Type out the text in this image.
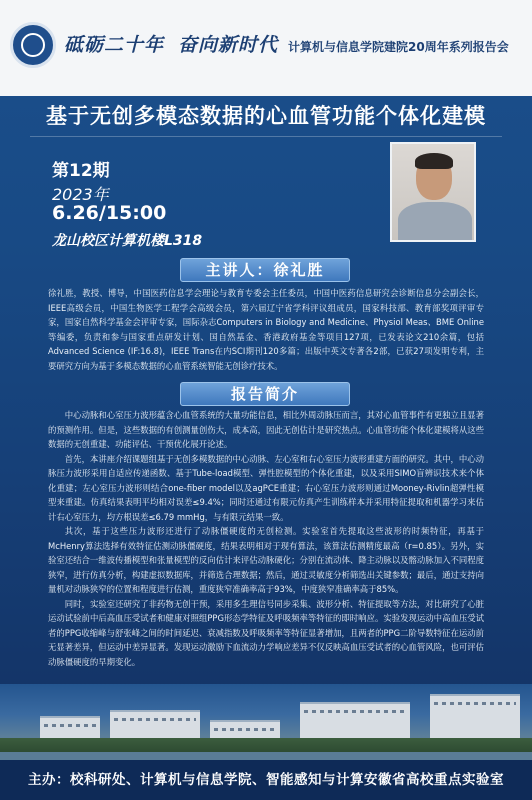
砥砺二十年 奋向新时代 计算机与信息学院建院20周年系列报告会
基于无创多模态数据的心血管功能个体化建模
第12期
2023年
6.26/15:00
龙山校区计算机楼L318
主讲人：徐礼胜
徐礼胜，教授、博导，中国医药信息学会理论与教育专委会主任委员，中国中医药信息研究会诊断信息分会副会长，IEEE高级会员，中国生物医学工程学会高级会员，第六届辽宁省学科评议组成员，国家科技部、教育部奖项评审专家，国家自然科学基金会评审专家，国际杂志Computers in Biology and Medicine、Physiol Meas、BME Online等编委，负责和参与国家重点研发计划、国自然基金、香港政府基金等项目127项，已发表论文210余篇，包括Advanced Science (IF:16.8)，IEEE Trans在内SCI期刊120多篇；出版中英文专著各2部，已获27项发明专利，主要研究方向为基于多模态数据的心血管系统智能无创诊疗技术。
报告简介

中心动脉和心室压力波形蕴含心血管系统的大量功能信息，相比外周动脉压而言，其对心血管事件有更独立且显著的预测作用。但是，这些数据的有创测量创伤大，成本高，因此无创估计是研究热点。心血管功能个体化建模将从这些数据的无创重建、功能评估、干预优化展开论述。

首先，本讲座介绍课题组基于无创多模数据的中心动脉、左心室和右心室压力波形重建方面的研究。其中，中心动脉压力波形采用自适应传递函数、基于Tube-load模型、弹性腔模型的个体化重建，以及采用SIMO盲辨识技术来个体化重建；左心室压力波形则结合one-fiber model以及agPCE重建；右心室压力波形则通过Mooney-Rivlin超弹性模型来重建。仿真结果表明平均相对误差≤9.4%；同时还通过有限元仿真产生训练样本并采用特征提取和机器学习来估计右心室压力，均方根误差≤6.79 mmHg，与有限元结果一致。

其次，基于这些压力波形还进行了动脉僵硬度的无创检测。实验室首先提取这些波形的时频特征，再基于McHenry算法选择有效特征估测动脉僵硬度，结果表明相对于现有算法，该算法估测精度最高（r=0.85）。另外，实验室还结合一维波传播模型和张量模型的反向估计来评估动脉硬化；分别在流动体、降主动脉以及髂动脉加入不同程度狭窄，进行仿真分析，构建虚拟数据库，并筛选合理数据；然后，通过灵敏度分析筛选出关键参数；最后，通过支持向量机对动脉狭窄的位置和程度进行估测，重度狭窄准确率高于93%，中度狭窄准确率高于85%。

同时，实验室还研究了非药物无创干预，采用多生理信号同步采集、波形分析、特征提取等方法，对比研究了心脏运动试验前中后高血压受试者和健康对照组PPG形态学特征及呼吸频率等特征的即时响应。实验发现运动中高血压受试者的PPG收缩峰与舒张峰之间的时间延迟、衰减指数及呼吸频率等特征显著增加，且两者的PPG二阶导数特征在运动前无显著差异，但运动中差异显著。发现运动激励下血流动力学响应差异不仅反映高血压受试者的心血管风险，也可评估动脉僵硬度的早期变化。

主办：校科研处、计算机与信息学院、智能感知与计算安徽省高校重点实验室
